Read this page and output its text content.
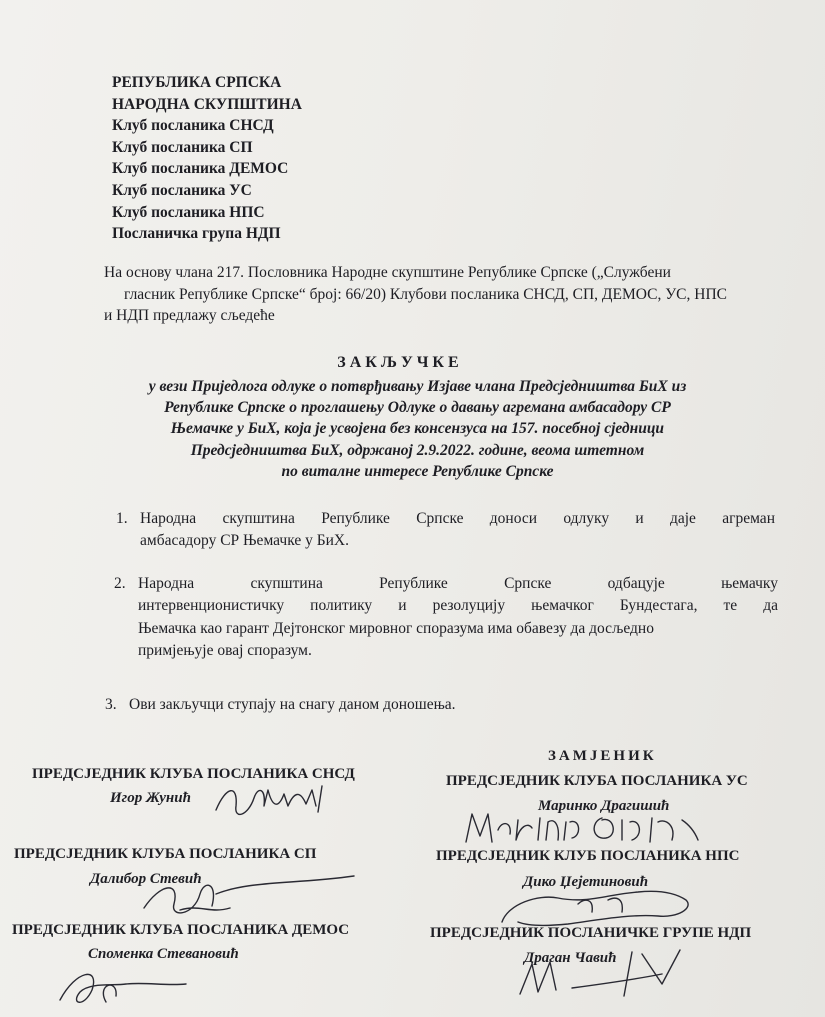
РЕПУБЛИКА СРПСКА
НАРОДНА СКУПШТИНА
Клуб посланика СНСД
Клуб посланика СП
Клуб посланика ДЕМОС
Клуб посланика УС
Клуб посланика НПС
Посланичка група НДП
На основу члана 217. Пословника Народне скупштине Републике Српске („Службени
гласник Републике Српске“ број: 66/20) Клубови посланика СНСД, СП, ДЕМОС, УС, НПС
и НДП предлажу сљедеће
ЗАКЉУЧКЕ
у вези Приједлога одлуке о потврђивању Изјаве члана Предсједништва БиХ из
Републике Српске о проглашењу Одлуке о давању агремана амбасадору СР
Њемачке у БиХ, која је усвојена без консензуса на 157. посебној сједници
Предсједништва БиХ, одржаној 2.9.2022. године, веома штетном
по виталне интересе Републике Српске
1. Народна скупштина Републике Српске доноси одлуку и даје агреман
амбасадору СР Њемачке у БиХ.
2. Народна скупштина Републике Српске одбацује њемачку
интервенционистичку политику и резолуцију њемачког Бундестага, те да
Њемачка као гарант Дејтонског мировног споразума има обавезу да досљедно
примјењује овај споразум.
3. Ови закључци ступају на снагу даном доношења.
ПРЕДСЈЕДНИК КЛУБА ПОСЛАНИКА СНСД
Игор Жунић
ПРЕДСЈЕДНИК КЛУБА ПОСЛАНИКА СП
Далибор Стевић
ПРЕДСЈЕДНИК КЛУБА ПОСЛАНИКА ДЕМОС
Споменка Стевановић
ЗАМЈЕНИК
ПРЕДСЈЕДНИК КЛУБА ПОСЛАНИКА УС
Маринко Драгишић
ПРЕДСЈЕДНИК КЛУБ ПОСЛАНИКА НПС
Дико Џејетиновић
ПРЕДСЈЕДНИК ПОСЛАНИЧКЕ ГРУПЕ НДП
Драган Чавић
